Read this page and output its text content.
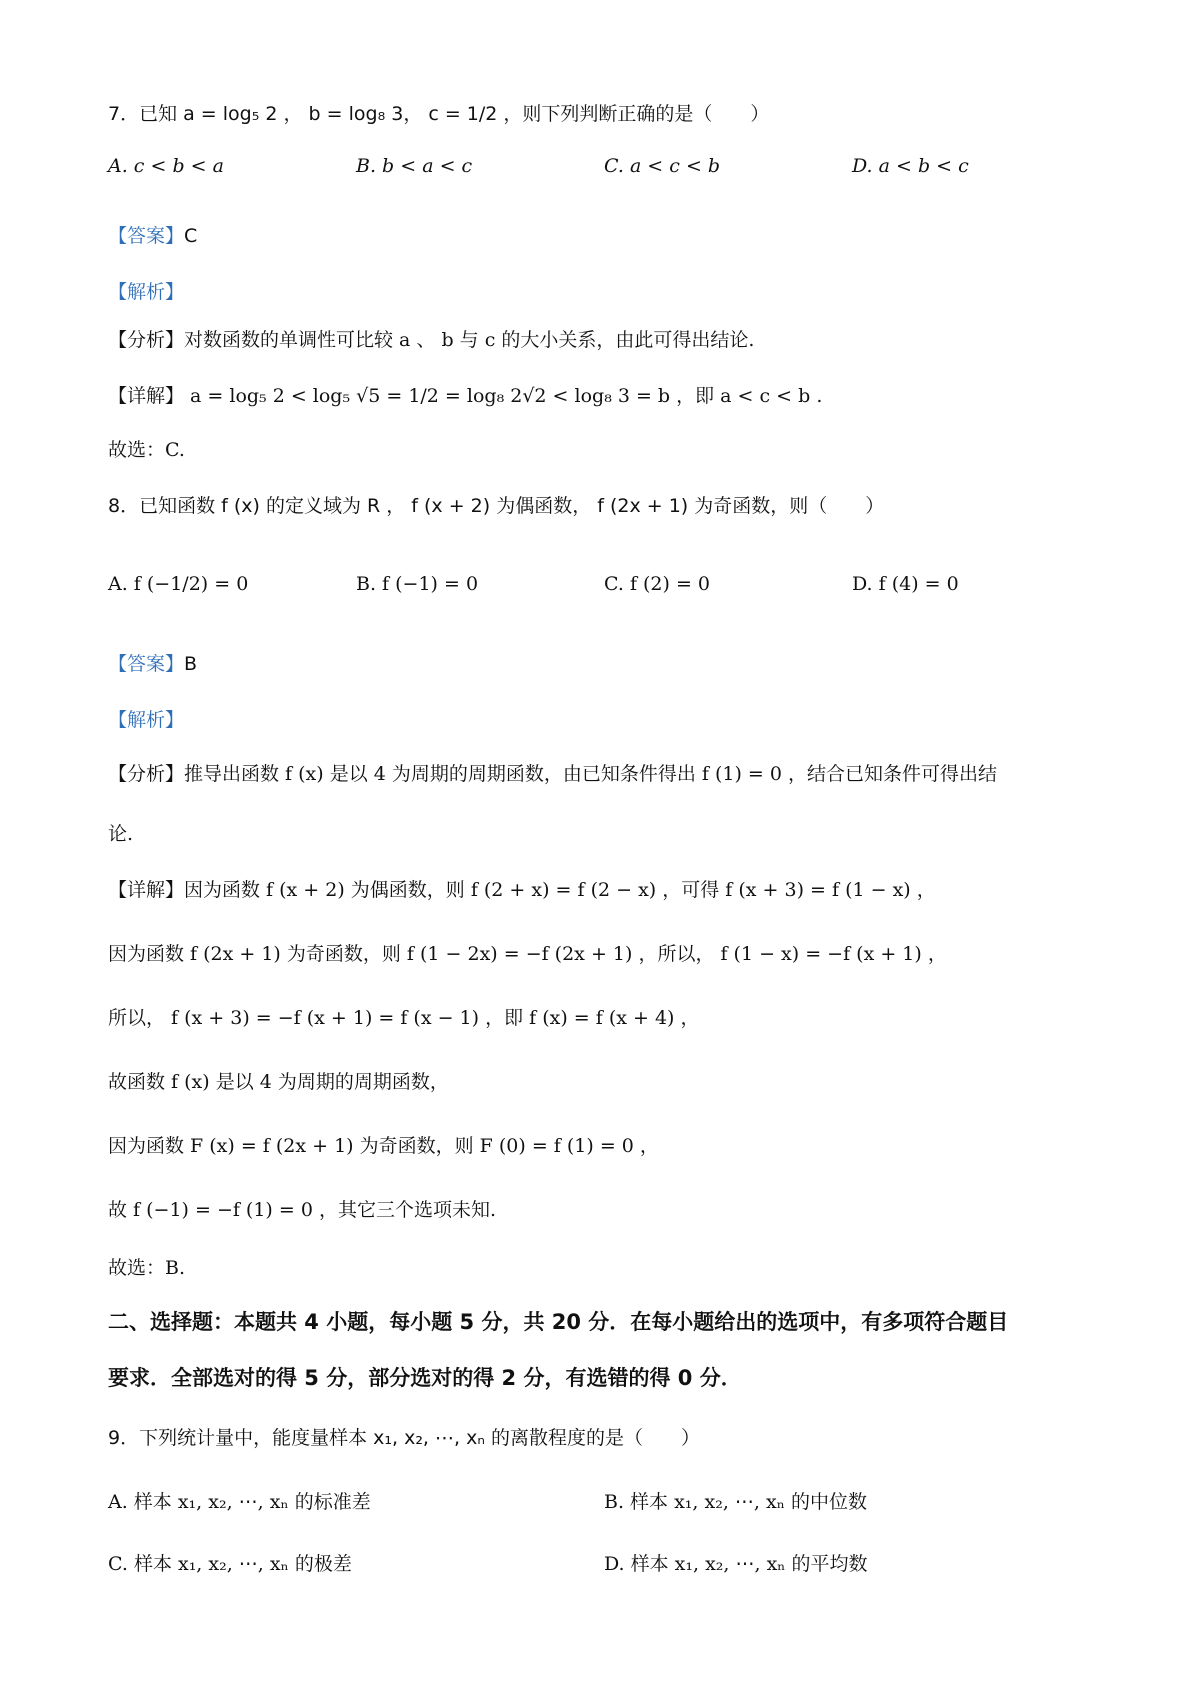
7．已知 a = log₅ 2 ， b = log₈ 3， c = 1/2 ，则下列判断正确的是（　　）
A. c < b < a	B. b < a < c	C. a < c < b	D. a < b < c
【答案】C
【解析】
【分析】对数函数的单调性可比较 a 、 b 与 c 的大小关系，由此可得出结论.
【详解】 a = log₅ 2 < log₅ √5 = 1/2 = log₈ 2√2 < log₈ 3 = b ，即 a < c < b .
故选：C.
8．已知函数 f (x) 的定义域为 R ， f (x + 2) 为偶函数， f (2x + 1) 为奇函数，则（　　）
A. f (−1/2) = 0	B. f (−1) = 0	C. f (2) = 0	D. f (4) = 0
【答案】B
【解析】
【分析】推导出函数 f (x) 是以 4 为周期的周期函数，由已知条件得出 f (1) = 0 ，结合已知条件可得出结
论.
【详解】因为函数 f (x + 2) 为偶函数，则 f (2 + x) = f (2 − x) ，可得 f (x + 3) = f (1 − x) ，
因为函数 f (2x + 1) 为奇函数，则 f (1 − 2x) = −f (2x + 1) ，所以， f (1 − x) = −f (x + 1) ，
所以， f (x + 3) = −f (x + 1) = f (x − 1) ，即 f (x) = f (x + 4) ，
故函数 f (x) 是以 4 为周期的周期函数，
因为函数 F (x) = f (2x + 1) 为奇函数，则 F (0) = f (1) = 0 ，
故 f (−1) = −f (1) = 0 ，其它三个选项未知.
故选：B.
二、选择题：本题共 4 小题，每小题 5 分，共 20 分．在每小题给出的选项中，有多项符合题目
要求．全部选对的得 5 分，部分选对的得 2 分，有选错的得 0 分．
9．下列统计量中，能度量样本 x₁, x₂, ⋯, xₙ 的离散程度的是（　　）
A. 样本 x₁, x₂, ⋯, xₙ 的标准差	B. 样本 x₁, x₂, ⋯, xₙ 的中位数
C. 样本 x₁, x₂, ⋯, xₙ 的极差	D. 样本 x₁, x₂, ⋯, xₙ 的平均数
